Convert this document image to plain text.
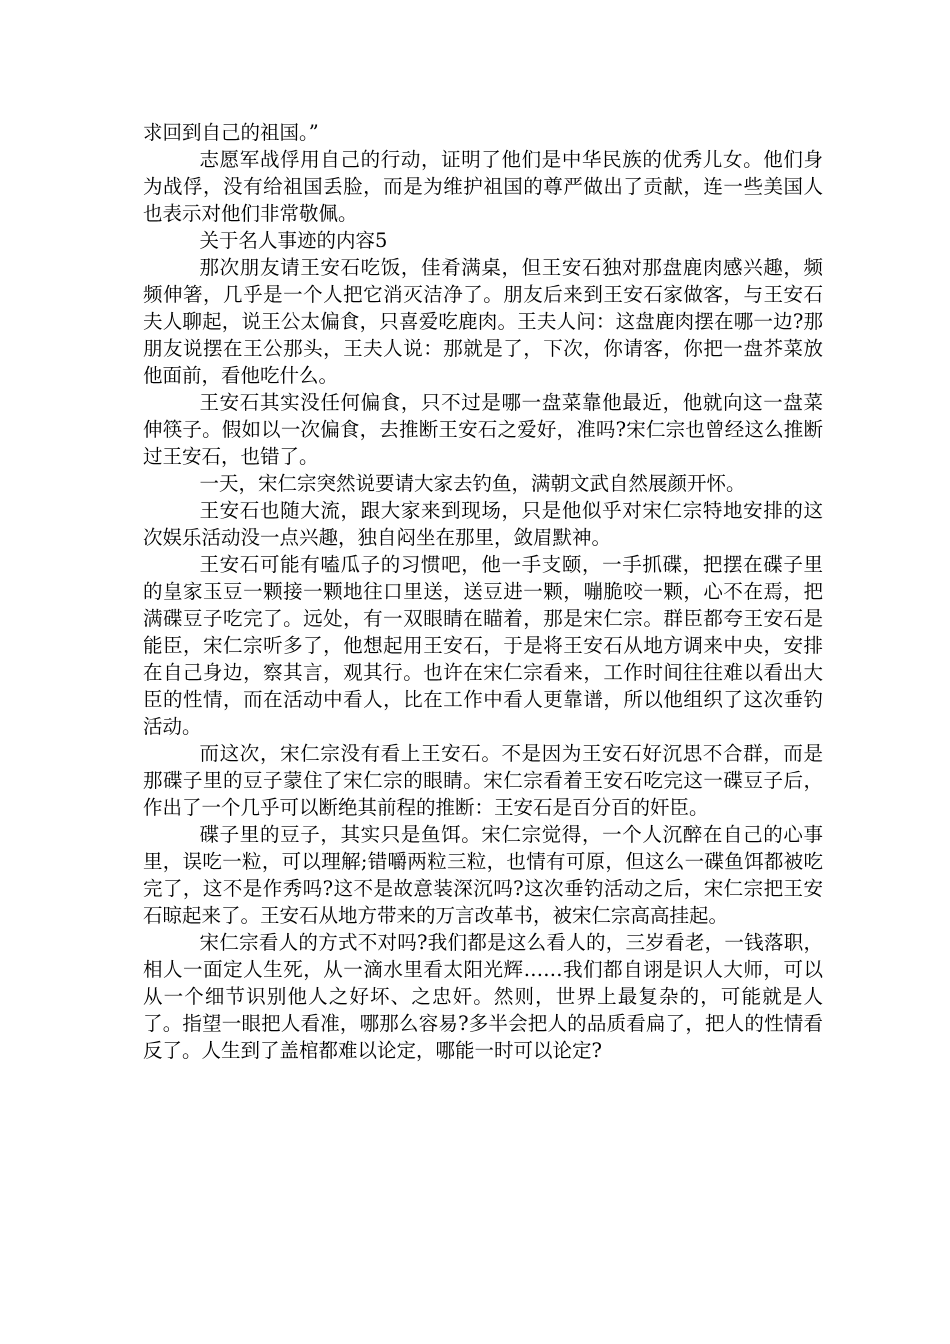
求回到自己的祖国。”

志愿军战俘用自己的行动，证明了他们是中华民族的优秀儿女。他们身为战俘，没有给祖国丢脸，而是为维护祖国的尊严做出了贡献，连一些美国人也表示对他们非常敬佩。

关于名人事迹的内容5

那次朋友请王安石吃饭，佳肴满桌，但王安石独对那盘鹿肉感兴趣，频频伸箸，几乎是一个人把它消灭洁净了。朋友后来到王安石家做客，与王安石夫人聊起，说王公太偏食，只喜爱吃鹿肉。王夫人问：这盘鹿肉摆在哪一边?那朋友说摆在王公那头，王夫人说：那就是了，下次，你请客，你把一盘芥菜放他面前，看他吃什么。

王安石其实没任何偏食，只不过是哪一盘菜靠他最近，他就向这一盘菜伸筷子。假如以一次偏食，去推断王安石之爱好，准吗?宋仁宗也曾经这么推断过王安石，也错了。

一天，宋仁宗突然说要请大家去钓鱼，满朝文武自然展颜开怀。

王安石也随大流，跟大家来到现场，只是他似乎对宋仁宗特地安排的这次娱乐活动没一点兴趣，独自闷坐在那里，敛眉默神。

王安石可能有嗑瓜子的习惯吧，他一手支颐，一手抓碟，把摆在碟子里的皇家玉豆一颗接一颗地往口里送，送豆进一颗，嘣脆咬一颗，心不在焉，把满碟豆子吃完了。远处，有一双眼睛在瞄着，那是宋仁宗。群臣都夸王安石是能臣，宋仁宗听多了，他想起用王安石，于是将王安石从地方调来中央，安排在自己身边，察其言，观其行。也许在宋仁宗看来，工作时间往往难以看出大臣的性情，而在活动中看人，比在工作中看人更靠谱，所以他组织了这次垂钓活动。

而这次，宋仁宗没有看上王安石。不是因为王安石好沉思不合群，而是那碟子里的豆子蒙住了宋仁宗的眼睛。宋仁宗看着王安石吃完这一碟豆子后，作出了一个几乎可以断绝其前程的推断：王安石是百分百的奸臣。

碟子里的豆子，其实只是鱼饵。宋仁宗觉得，一个人沉醉在自己的心事里，误吃一粒，可以理解;错嚼两粒三粒，也情有可原，但这么一碟鱼饵都被吃完了，这不是作秀吗?这不是故意装深沉吗?这次垂钓活动之后，宋仁宗把王安石晾起来了。王安石从地方带来的万言改革书，被宋仁宗高高挂起。

宋仁宗看人的方式不对吗?我们都是这么看人的，三岁看老，一钱落职，相人一面定人生死，从一滴水里看太阳光辉……我们都自诩是识人大师，可以从一个细节识别他人之好坏、之忠奸。然则，世界上最复杂的，可能就是人了。指望一眼把人看准，哪那么容易?多半会把人的品质看扁了，把人的性情看反了。人生到了盖棺都难以论定，哪能一时可以论定?
